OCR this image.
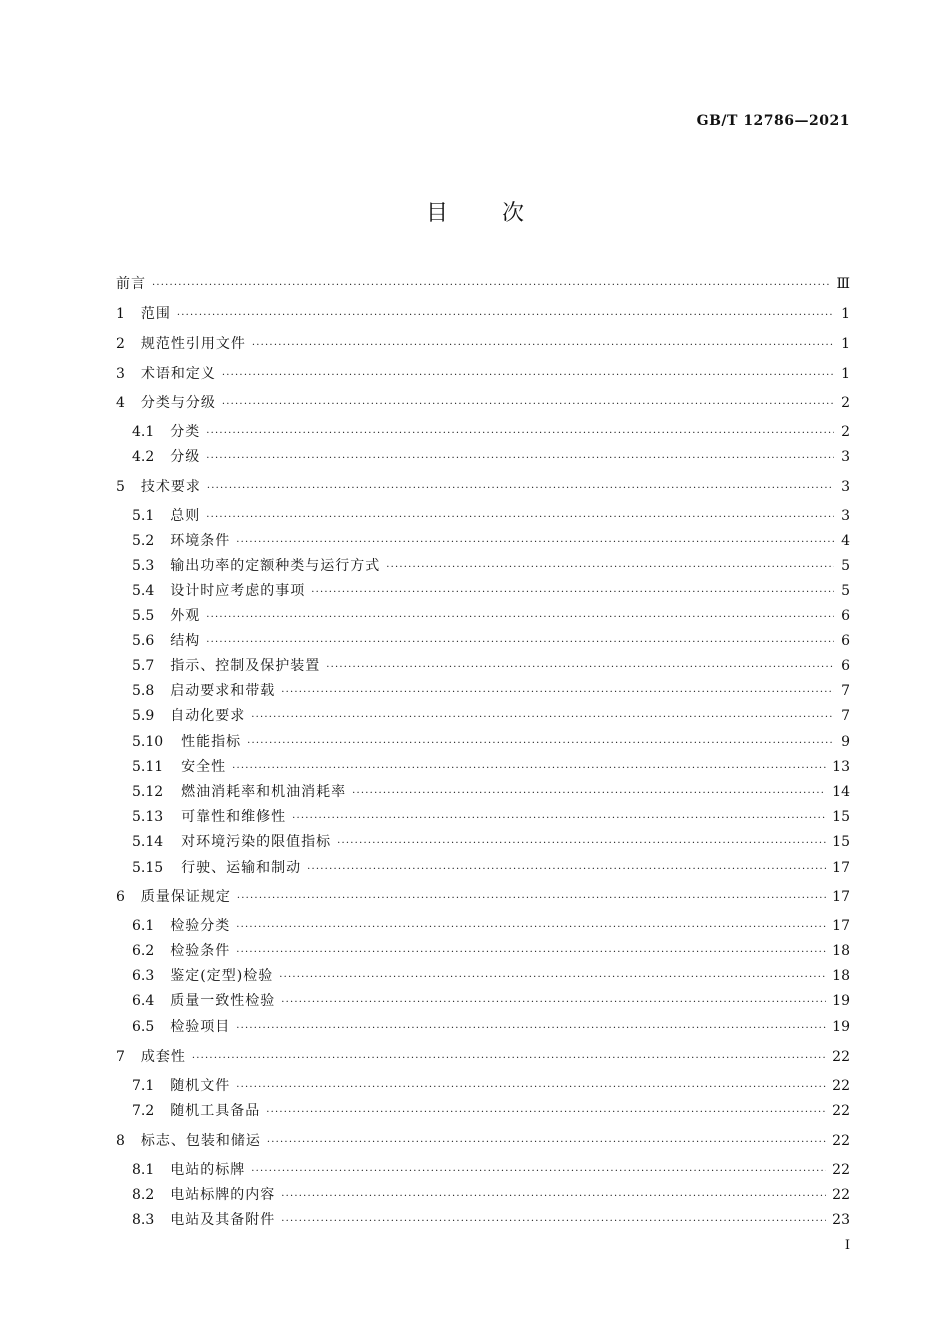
GB/T 12786—2021
目次
前言 ·····	Ⅲ
1 范围 ·····	1
2 规范性引用文件 ·····	1
3 术语和定义 ·····	1
4 分类与分级 ·····	2
4.1 分类 ·····	2
4.2 分级 ·····	3
5 技术要求 ·····	3
5.1 总则 ·····	3
5.2 环境条件 ·····	4
5.3 输出功率的定额种类与运行方式 ·····	5
5.4 设计时应考虑的事项 ·····	5
5.5 外观 ·····	6
5.6 结构 ·····	6
5.7 指示、控制及保护装置 ·····	6
5.8 启动要求和带载 ·····	7
5.9 自动化要求 ·····	7
5.10 性能指标 ·····	9
5.11 安全性 ·····	13
5.12 燃油消耗率和机油消耗率 ·····	14
5.13 可靠性和维修性 ·····	15
5.14 对环境污染的限值指标 ·····	15
5.15 行驶、运输和制动 ·····	17
6 质量保证规定 ·····	17
6.1 检验分类 ·····	17
6.2 检验条件 ·····	18
6.3 鉴定(定型)检验 ·····	18
6.4 质量一致性检验 ·····	19
6.5 检验项目 ·····	19
7 成套性 ·····	22
7.1 随机文件 ·····	22
7.2 随机工具备品 ·····	22
8 标志、包装和储运 ·····	22
8.1 电站的标牌 ·····	22
8.2 电站标牌的内容 ·····	22
8.3 电站及其备附件 ·····	23
I
